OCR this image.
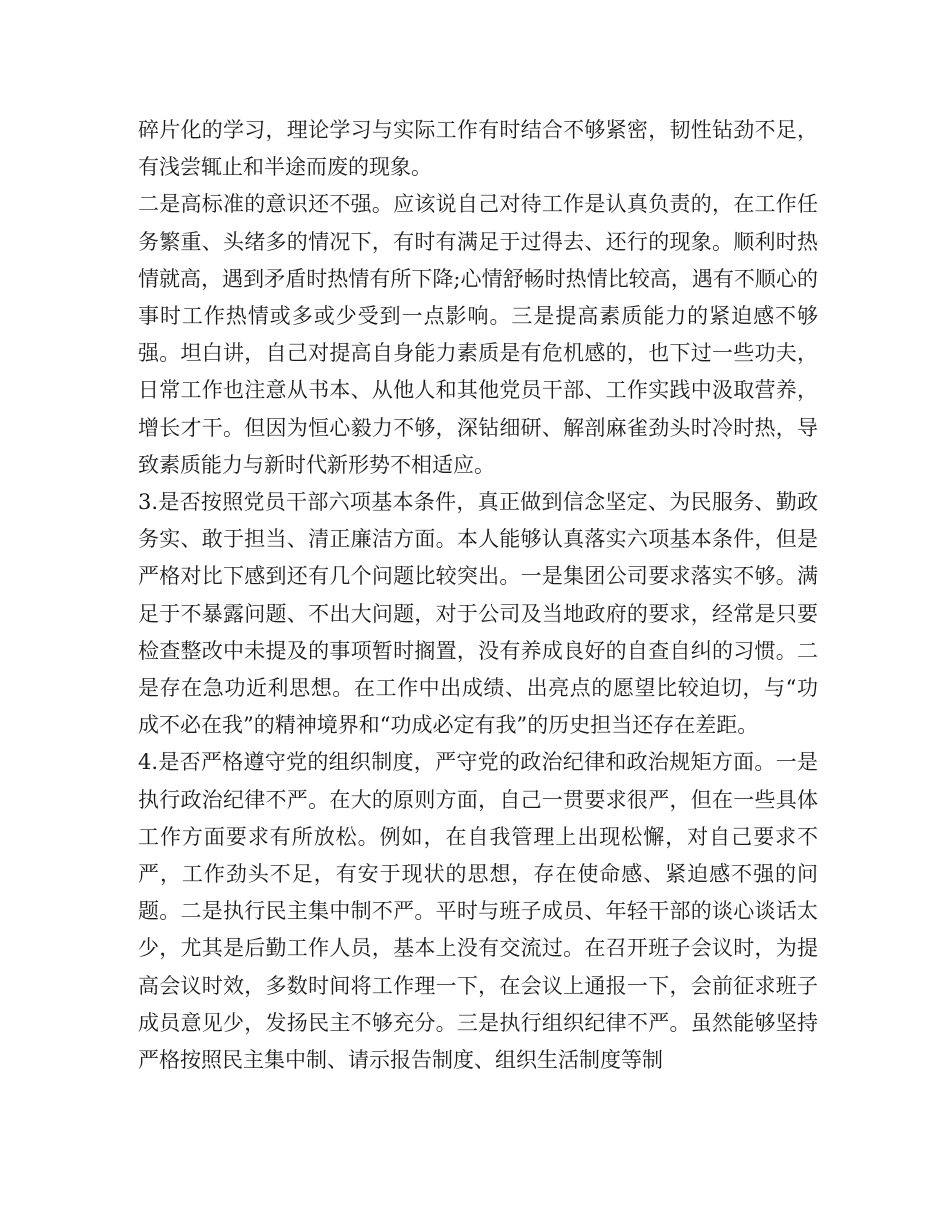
碎片化的学习，理论学习与实际工作有时结合不够紧密，韧性钻劲不足，有浅尝辄止和半途而废的现象。

二是高标准的意识还不强。应该说自己对待工作是认真负责的，在工作任务繁重、头绪多的情况下，有时有满足于过得去、还行的现象。顺利时热情就高，遇到矛盾时热情有所下降;心情舒畅时热情比较高，遇有不顺心的事时工作热情或多或少受到一点影响。三是提高素质能力的紧迫感不够强。坦白讲，自己对提高自身能力素质是有危机感的，也下过一些功夫，日常工作也注意从书本、从他人和其他党员干部、工作实践中汲取营养，增长才干。但因为恒心毅力不够，深钻细研、解剖麻雀劲头时冷时热，导致素质能力与新时代新形势不相适应。

3.是否按照党员干部六项基本条件，真正做到信念坚定、为民服务、勤政务实、敢于担当、清正廉洁方面。本人能够认真落实六项基本条件，但是严格对比下感到还有几个问题比较突出。一是集团公司要求落实不够。满足于不暴露问题、不出大问题，对于公司及当地政府的要求，经常是只要检查整改中未提及的事项暂时搁置，没有养成良好的自查自纠的习惯。二是存在急功近利思想。在工作中出成绩、出亮点的愿望比较迫切，与“功成不必在我”的精神境界和“功成必定有我”的历史担当还存在差距。

4.是否严格遵守党的组织制度，严守党的政治纪律和政治规矩方面。一是执行政治纪律不严。在大的原则方面，自己一贯要求很严，但在一些具体工作方面要求有所放松。例如，在自我管理上出现松懈，对自己要求不严，工作劲头不足，有安于现状的思想，存在使命感、紧迫感不强的问题。二是执行民主集中制不严。平时与班子成员、年轻干部的谈心谈话太少，尤其是后勤工作人员，基本上没有交流过。在召开班子会议时，为提高会议时效，多数时间将工作理一下，在会议上通报一下，会前征求班子成员意见少，发扬民主不够充分。三是执行组织纪律不严。虽然能够坚持严格按照民主集中制、请示报告制度、组织生活制度等制
